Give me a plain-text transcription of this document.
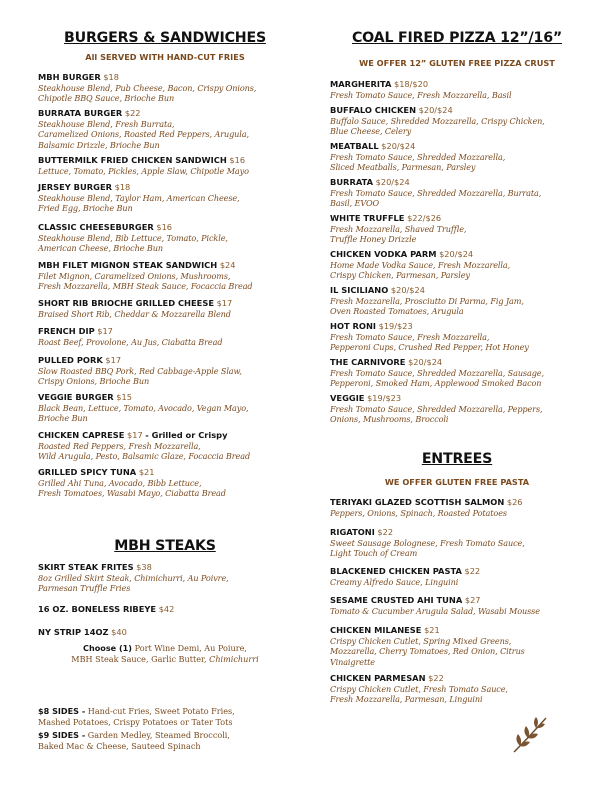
BURGERS & SANDWICHES
All SERVED WITH HAND-CUT FRIES
MBH BURGER $18
Steakhouse Blend, Pub Cheese, Bacon, Crispy Onions,
Chipotle BBQ Sauce, Brioche Bun
BURRATA BURGER $22
Steakhouse Blend, Fresh Burrata,
Caramelized Onions, Roasted Red Peppers, Arugula,
Balsamic Drizzle, Brioche Bun
BUTTERMILK FRIED CHICKEN SANDWICH $16
Lettuce, Tomato, Pickles, Apple Slaw, Chipotle Mayo
JERSEY BURGER $18
Steakhouse Blend, Taylor Ham, American Cheese,
Fried Egg, Brioche Bun
CLASSIC CHEESEBURGER $16
Steakhouse Blend, Bib Lettuce, Tomato, Pickle,
American Cheese, Brioche Bun
MBH FILET MIGNON STEAK SANDWICH $24
Filet Mignon, Caramelized Onions, Mushrooms,
Fresh Mozzarella, MBH Steak Sauce, Focaccia Bread
SHORT RIB BRIOCHE GRILLED CHEESE $17
Braised Short Rib, Cheddar & Mozzarella Blend
FRENCH DIP $17
Roast Beef, Provolone, Au Jus, Ciabatta Bread
PULLED PORK $17
Slow Roasted BBQ Pork, Red Cabbage-Apple Slaw,
Crispy Onions, Brioche Bun
VEGGIE BURGER $15
Black Bean, Lettuce, Tomato, Avocado, Vegan Mayo,
Brioche Bun
CHICKEN CAPRESE $17 - Grilled or Crispy
Roasted Red Peppers, Fresh Mozzarella,
Wild Arugula, Pesto, Balsamic Glaze, Focaccia Bread
GRILLED SPICY TUNA $21
Grilled Ahi Tuna, Avocado, Bibb Lettuce,
Fresh Tomatoes, Wasabi Mayo, Ciabatta Bread
MBH STEAKS
SKIRT STEAK FRITES $38
8oz Grilled Skirt Steak, Chimichurri, Au Poivre,
Parmesan Truffle Fries
16 OZ. BONELESS RIBEYE $42
NY STRIP 14OZ $40
Choose (1) Port Wine Demi, Au Poiure,
MBH Steak Sauce, Garlic Butter, Chimichurri
$8 SIDES - Hand-cut Fries, Sweet Potato Fries,
Mashed Potatoes, Crispy Potatoes or Tater Tots
$9 SIDES - Garden Medley, Steamed Broccoli,
Baked Mac & Cheese, Sauteed Spinach
COAL FIRED PIZZA 12”/16”
WE OFFER 12” GLUTEN FREE PIZZA CRUST
MARGHERITA $18/$20
Fresh Tomato Sauce, Fresh Mozzarella, Basil
BUFFALO CHICKEN $20/$24
Buffalo Sauce, Shredded Mozzarella, Crispy Chicken,
Blue Cheese, Celery
MEATBALL $20/$24
Fresh Tomato Sauce, Shredded Mozzarella,
Sliced Meatballs, Parmesan, Parsley
BURRATA $20/$24
Fresh Tomato Sauce, Shredded Mozzarella, Burrata,
Basil, EVOO
WHITE TRUFFLE $22/$26
Fresh Mozzarella, Shaved Truffle,
Truffle Honey Drizzle
CHICKEN VODKA PARM $20/$24
Home Made Vodka Sauce, Fresh Mozzarella,
Crispy Chicken, Parmesan, Parsley
IL SICILIANO $20/$24
Fresh Mozzarella, Prosciutto Di Parma, Fig Jam,
Oven Roasted Tomatoes, Arugula
HOT RONI $19/$23
Fresh Tomato Sauce, Fresh Mozzarella,
Pepperoni Cups, Crushed Red Pepper, Hot Honey
THE CARNIVORE $20/$24
Fresh Tomato Sauce, Shredded Mozzarella, Sausage,
Pepperoni, Smoked Ham, Applewood Smoked Bacon
VEGGIE $19/$23
Fresh Tomato Sauce, Shredded Mozzarella, Peppers,
Onions, Mushrooms, Broccoli
ENTREES
WE OFFER GLUTEN FREE PASTA
TERIYAKI GLAZED SCOTTISH SALMON $26
Peppers, Onions, Spinach, Roasted Potatoes
RIGATONI $22
Sweet Sausage Bolognese, Fresh Tomato Sauce,
Light Touch of Cream
BLACKENED CHICKEN PASTA $22
Creamy Alfredo Sauce, Linguini
SESAME CRUSTED AHI TUNA $27
Tomato & Cucumber Arugula Salad, Wasabi Mousse
CHICKEN MILANESE $21
Crispy Chicken Cutlet, Spring Mixed Greens,
Mozzarella, Cherry Tomatoes, Red Onion, Citrus
Vinaigrette
CHICKEN PARMESAN $22
Crispy Chicken Cutlet, Fresh Tomato Sauce,
Fresh Mozzarella, Parmesan, Linguini
